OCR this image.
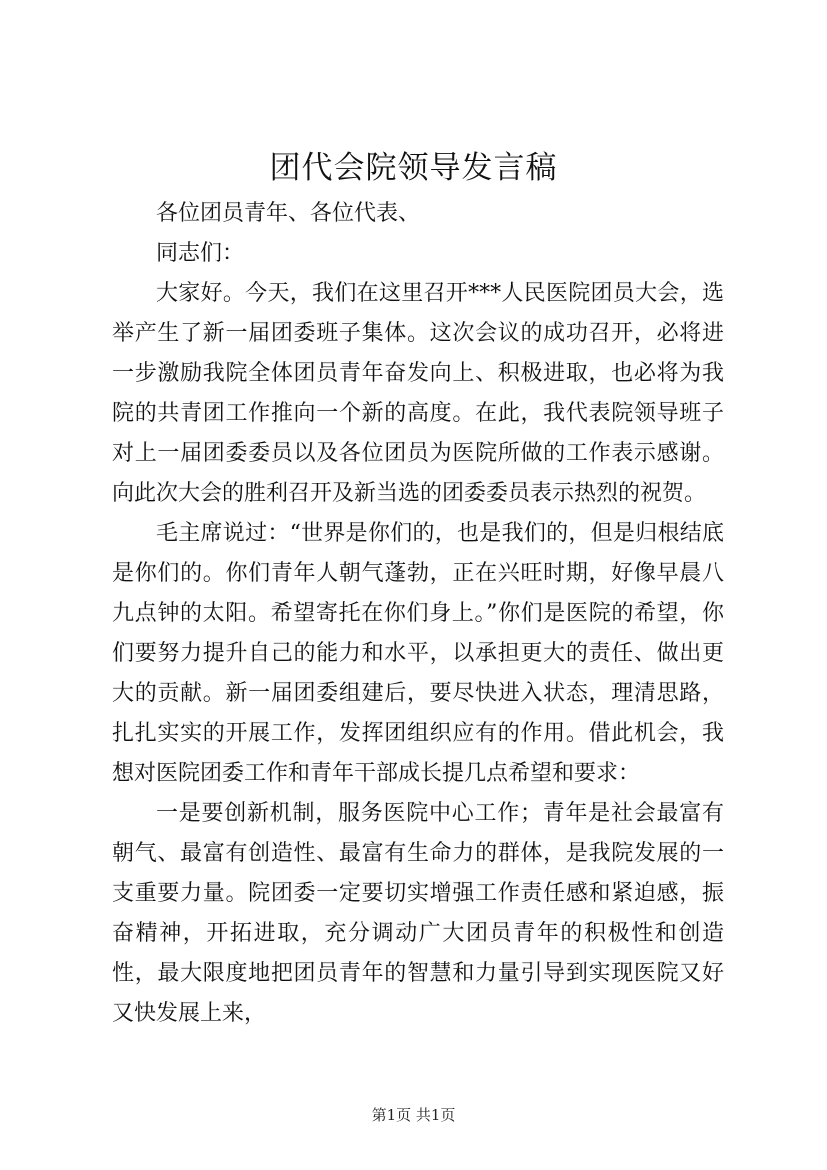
团代会院领导发言稿

各位团员青年、各位代表、

同志们：

大家好。今天，我们在这里召开***人民医院团员大会，选举产生了新一届团委班子集体。这次会议的成功召开，必将进一步激励我院全体团员青年奋发向上、积极进取，也必将为我院的共青团工作推向一个新的高度。在此，我代表院领导班子对上一届团委委员以及各位团员为医院所做的工作表示感谢。向此次大会的胜利召开及新当选的团委委员表示热烈的祝贺。

毛主席说过：“世界是你们的，也是我们的，但是归根结底是你们的。你们青年人朝气蓬勃，正在兴旺时期，好像早晨八九点钟的太阳。希望寄托在你们身上。”你们是医院的希望，你们要努力提升自己的能力和水平，以承担更大的责任、做出更大的贡献。新一届团委组建后，要尽快进入状态，理清思路，扎扎实实的开展工作，发挥团组织应有的作用。借此机会，我想对医院团委工作和青年干部成长提几点希望和要求：

一是要创新机制，服务医院中心工作；青年是社会最富有朝气、最富有创造性、最富有生命力的群体，是我院发展的一支重要力量。院团委一定要切实增强工作责任感和紧迫感，振奋精神，开拓进取，充分调动广大团员青年的积极性和创造性，最大限度地把团员青年的智慧和力量引导到实现医院又好又快发展上来，

第1页 共1页
